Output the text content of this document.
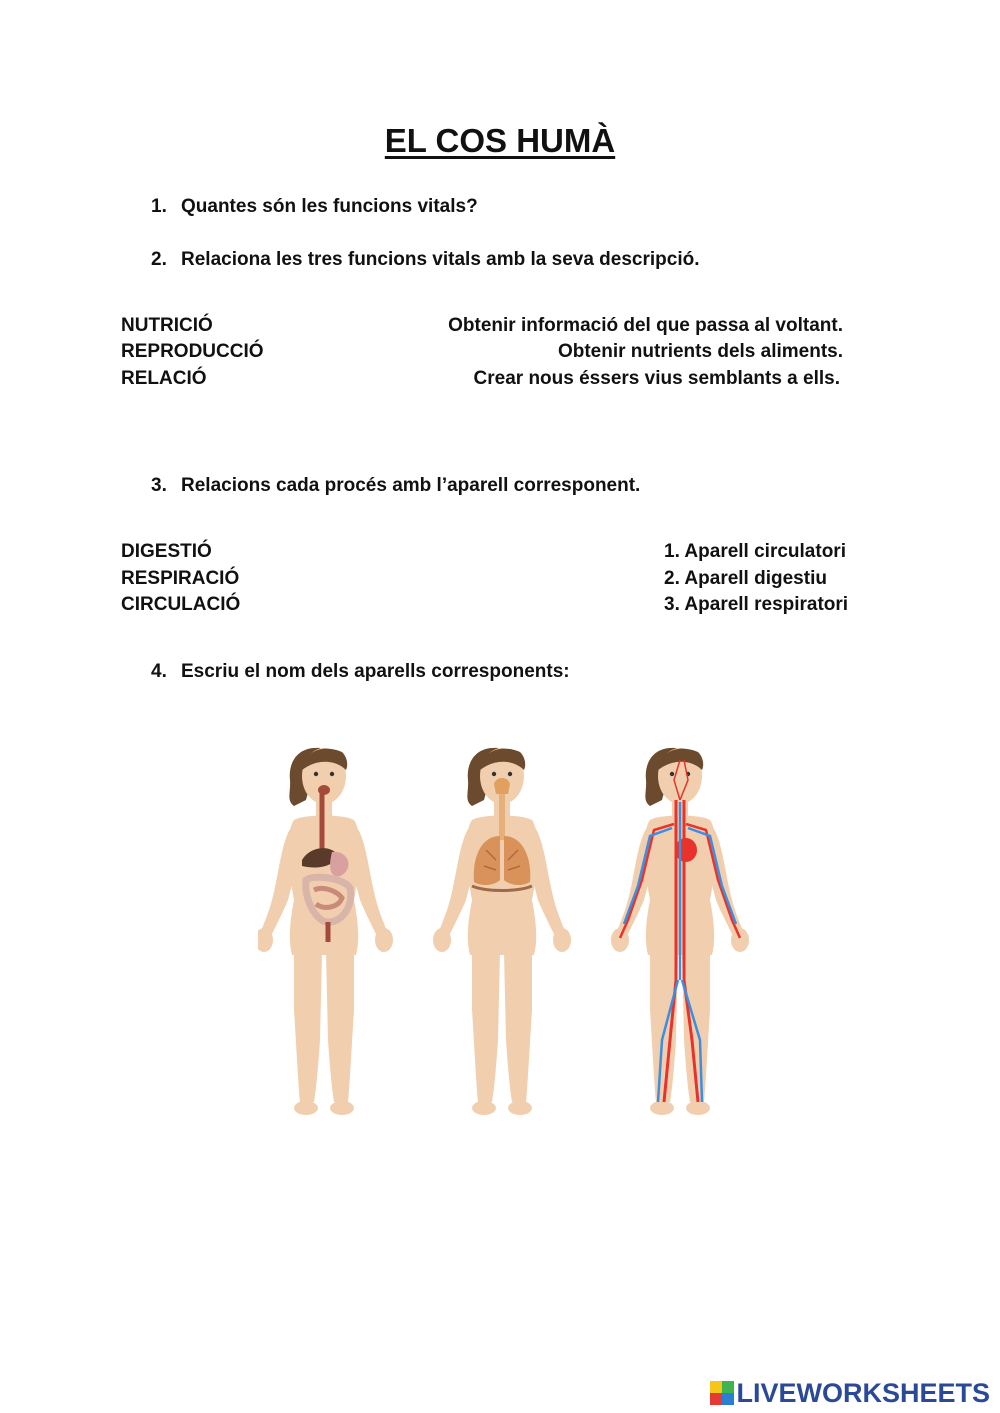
EL COS HUMÀ
1. Quantes són les funcions vitals?
2. Relaciona les tres funcions vitals amb la seva descripció.
NUTRICIÓ
REPRODUCCIÓ
RELACIÓ
Obtenir informació del que passa al voltant.
Obtenir nutrients dels aliments.
Crear nous éssers vius semblants a ells.
3. Relacions cada procés amb l’aparell corresponent.
DIGESTIÓ
RESPIRACIÓ
CIRCULACIÓ
1. Aparell circulatori
2. Aparell digestiu
3. Aparell respiratori
4. Escriu el nom dels aparells corresponents:
LIVEWORKSHEETS
